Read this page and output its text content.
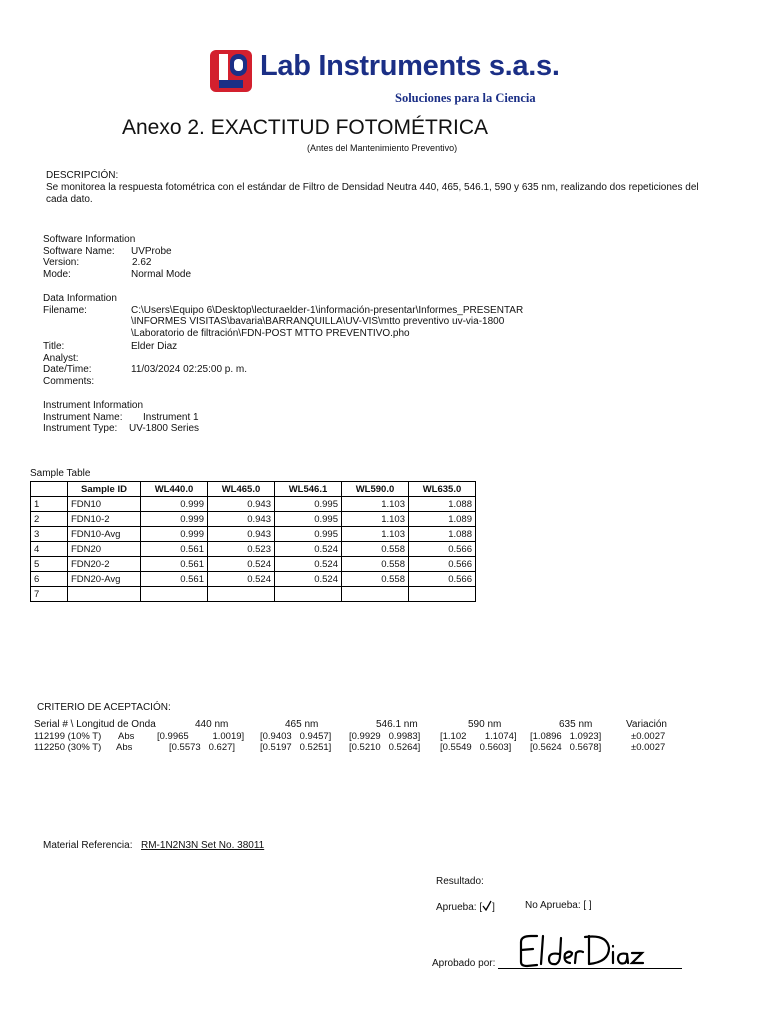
Lab Instruments s.a.s.
Soluciones para la Ciencia
Anexo 2. EXACTITUD FOTOMÉTRICA
(Antes del Mantenimiento Preventivo)
DESCRIPCIÓN:
Se monitorea la respuesta fotométrica con el estándar de Filtro de Densidad Neutra 440, 465, 546.1, 590 y 635 nm, realizando dos repeticiones del cada dato.
Software Information
Software Name: UVProbe
Version:	2.62
Mode:	Normal Mode
Data Information
Filename:	C:\Users\Equipo 6\Desktop\lecturaelder-1\información-presentar\Informes_PRESENTAR
\INFORMES VISITAS\bavaria\BARRANQUILLA\UV-VIS\mtto preventivo uv-via-1800
\Laboratorio de filtración\FDN-POST MTTO PREVENTIVO.pho
Title:	Elder Diaz
Analyst:
Date/Time:	11/03/2024 02:25:00 p. m.
Comments:
Instrument Information
Instrument Name: Instrument 1
Instrument Type: UV-1800 Series
Sample Table
	Sample ID	WL440.0	WL465.0	WL546.1	WL590.0	WL635.0
1	FDN10	0.999	0.943	0.995	1.103	1.088
2	FDN10-2	0.999	0.943	0.995	1.103	1.089
3	FDN10-Avg	0.999	0.943	0.995	1.103	1.088
4	FDN20	0.561	0.523	0.524	0.558	0.566
5	FDN20-2	0.561	0.524	0.524	0.558	0.566
6	FDN20-Avg	0.561	0.524	0.524	0.558	0.566
7						
CRITERIO DE ACEPTACIÓN:
Serial # \ Longitud de Onda	440 nm	465 nm	546.1 nm	590 nm	635 nm	Variación
112199 (10% T) Abs [0.9965         1.0019] [0.9403   0.9457] [0.9929   0.9983] [1.102       1.1074] [1.0896   1.0923]	±0.0027
112250 (30% T) Abs	[0.5573   0.627]	[0.5197   0.5251] [0.5210   0.5264] [0.5549   0.5603] [0.5624   0.5678]	±0.0027
Material Referencia: RM-1N2N3N Set No. 38011
Resultado:
Aprueba: [ ]	No Aprueba: [ ]
Aprobado por:
